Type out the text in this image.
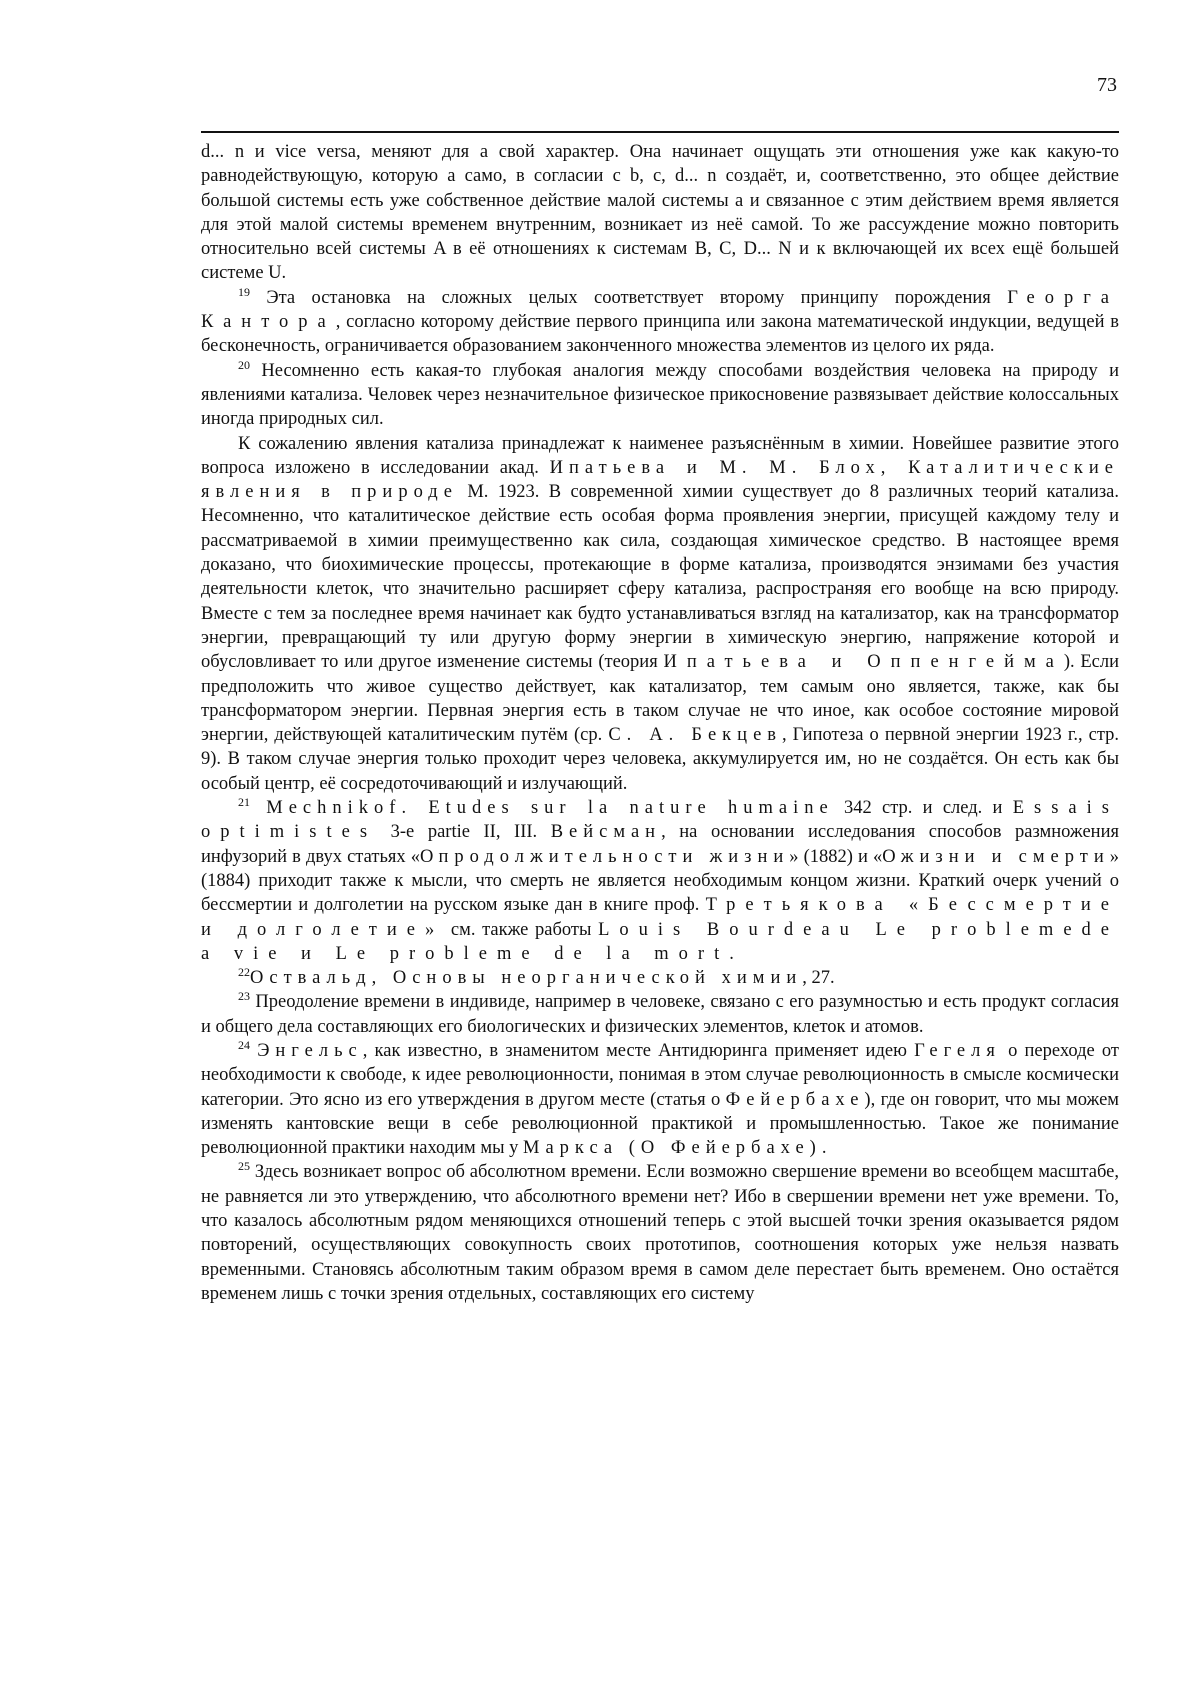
73

d... n и vice versa, меняют для a свой характер. Она начинает ощущать эти отношения уже как какую-то равнодействующую, которую a само, в согласии с b, c, d... n создаёт, и, соответственно, это общее действие большой системы есть уже собственное действие малой системы a и связанное с этим действием время является для этой малой системы временем внутренним, возникает из неё самой. То же рассуждение можно повторить относительно всей системы A в её отношениях к системам B, C, D... N и к включающей их всех ещё большей системе U.

$^{19}$ Эта остановка на сложных целых соответствует второму принципу порождения Георга Кантора, согласно которому действие первого принципа или закона математической индукции, ведущей в бесконечность, ограничивается образованием законченного множества элементов из целого их ряда.

$^{20}$ Несомненно есть какая-то глубокая аналогия между способами воздействия человека на природу и явлениями катализа. Человек через незначительное физическое прикосновение развязывает действие колоссальных иногда природных сил.

К сожалению явления катализа принадлежат к наименее разъяснённым в химии. Новейшее развитие этого вопроса изложено в исследовании акад. Ипатьева и М. М. Блох, Каталитические явления в природе М. 1923. В современной химии существует до 8 различных теорий катализа. Несомненно, что каталитическое действие есть особая форма проявления энергии, присущей каждому телу и рассматриваемой в химии преимущественно как сила, создающая химическое средство. В настоящее время доказано, что биохимические процессы, протекающие в форме катализа, производятся энзимами без участия деятельности клеток, что значительно расширяет сферу катализа, распространяя его вообще на всю природу. Вместе с тем за последнее время начинает как будто устанавливаться взгляд на катализатор, как на трансформатор энергии, превращающий ту или другую форму энергии в химическую энергию, напряжение которой и обусловливает то или другое изменение системы (теория Ипатьева и Оппенгейма). Если предположить что живое существо действует, как катализатор, тем самым оно является, также, как бы трансформатором энергии. Первная энергия есть в таком случае не что иное, как особое состояние мировой энергии, действующей каталитическим путём (ср. С. А. Бекцев, Гипотеза о первной энергии 1923 г., стр. 9). В таком случае энергия только проходит через человека, аккумулируется им, но не создаётся. Он есть как бы особый центр, её сосредоточивающий и излучающий.

$^{21}$ Mechnikof. Etudes sur la nature humaine 342 стр. и след. и Essais optimistes 3-e partie II, III. Вейсман, на основании исследования способов размножения инфузорий в двух статьях «О продолжительности жизни» (1882) и «О жизни и смерти» (1884) приходит также к мысли, что смерть не является необходимым концом жизни. Краткий очерк учений о бессмертии и долголетии на русском языке дан в книге проф. Третьякова «Бессмертие и долголетие» см. также работы Louis Bourdeau Le problemede a vie и Le probleme de la mort.

$^{22}$Оствальд, Основы неорганической химии, 27.

$^{23}$ Преодоление времени в индивиде, например в человеке, связано с его разумностью и есть продукт согласия и общего дела составляющих его биологических и физических элементов, клеток и атомов.

$^{24}$ Энгельс, как известно, в знаменитом месте Антидюринга применяет идею Гегеля о переходе от необходимости к свободе, к идее революционности, понимая в этом случае революционность в смысле космически категории. Это ясно из его утверждения в другом месте (статья о Фейербахе), где он говорит, что мы можем изменять кантовские вещи в себе революционной практикой и промышленностью. Такое же понимание революционной практики находим мы у Маркса (О Фейербахе).

$^{25}$ Здесь возникает вопрос об абсолютном времени. Если возможно свершение времени во всеобщем масштабе, не равняется ли это утверждению, что абсолютного времени нет? Ибо в свершении времени нет уже времени. То, что казалось абсолютным рядом меняющихся отношений теперь с этой высшей точки зрения оказывается рядом повторений, осуществляющих совокупность своих прототипов, соотношения которых уже нельзя назвать временными. Становясь абсолютным таким образом время в самом деле перестает быть временем. Оно остаётся временем лишь с точки зрения отдельных, составляющих его систему
